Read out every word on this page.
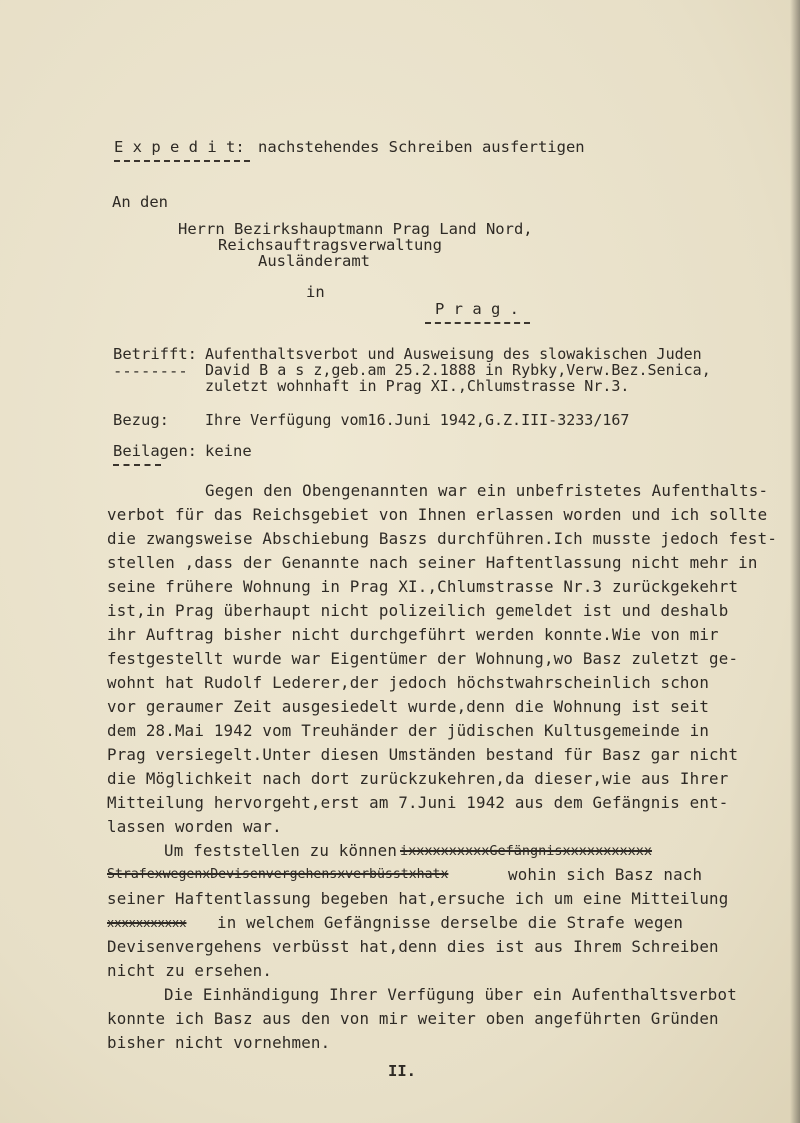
E x p e d i t: nachstehendes Schreiben ausfertigen
An den
Herrn Bezirkshauptmann Prag Land Nord,
Reichsauftragsverwaltung
Ausländeramt
in
P r a g .
Betrifft:
--------
Aufenthaltsverbot und Ausweisung des slowakischen Juden
David B a s z,geb.am 25.2.1888 in Rybky,Verw.Bez.Senica,
zuletzt wohnhaft in Prag XI.,Chlumstrasse Nr.3.
Bezug: Ihre Verfügung vom16.Juni 1942,G.Z.III-3233/167
Beilagen: keine
Gegen den Obengenannten war ein unbefristetes Aufenthalts-
verbot für das Reichsgebiet von Ihnen erlassen worden und ich sollte
die zwangsweise Abschiebung Baszs durchführen.Ich musste jedoch fest-
stellen ,dass der Genannte nach seiner Haftentlassung nicht mehr in
seine frühere Wohnung in Prag XI.,Chlumstrasse Nr.3 zurückgekehrt
ist,in Prag überhaupt nicht polizeilich gemeldet ist und deshalb
ihr Auftrag bisher nicht durchgeführt werden konnte.Wie von mir
festgestellt wurde war Eigentümer der Wohnung,wo Basz zuletzt ge-
wohnt hat Rudolf Lederer,der jedoch höchstwahrscheinlich schon
vor geraumer Zeit ausgesiedelt wurde,denn die Wohnung ist seit
dem 28.Mai 1942 vom Treuhänder der jüdischen Kultusgemeinde in
Prag versiegelt.Unter diesen Umständen bestand für Basz gar nicht
die Möglichkeit nach dort zurückzukehren,da dieser,wie aus Ihrer
Mitteilung hervorgeht,erst am 7.Juni 1942 aus dem Gefängnis ent-
lassen worden war.
Um feststellen zu können ixxxxxxxxxxGefängnisxxxxxxxxxxx
StrafexwegenxDevisenvergehensxverbüsstxhatx	wohin sich Basz nach
seiner Haftentlassung begeben hat,ersuche ich um eine Mitteilung
xxxxxxxxxxx in welchem Gefängnisse derselbe die Strafe wegen
Devisenvergehens verbüsst hat,denn dies ist aus Ihrem Schreiben
nicht zu ersehen.
Die Einhändigung Ihrer Verfügung über ein Aufenthaltsverbot
konnte ich Basz aus den von mir weiter oben angeführten Gründen
bisher nicht vornehmen.
II.
